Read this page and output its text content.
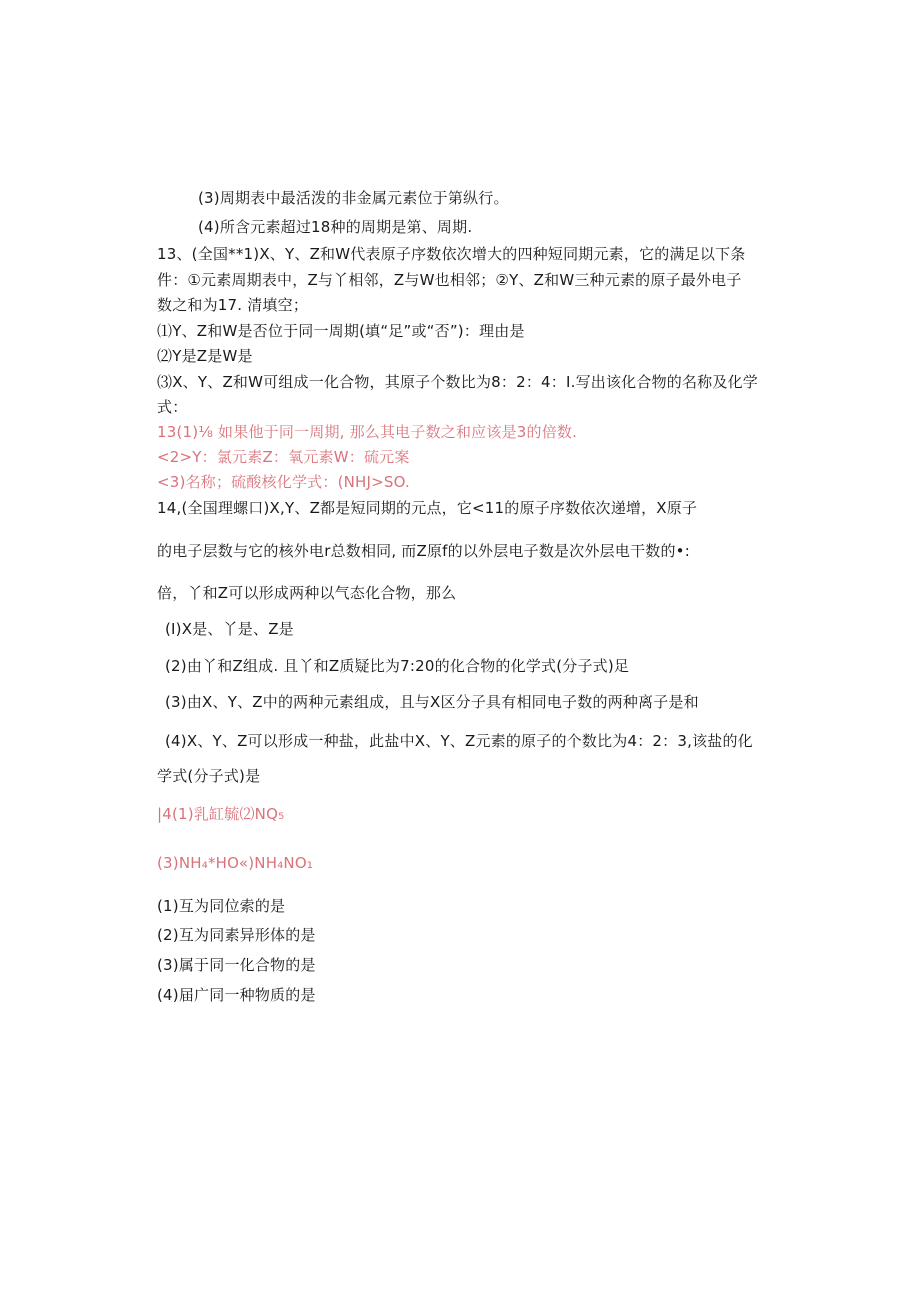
(3)周期表中最活泼的非金属元素位于第纵行。
(4)所含元素超过18种的周期是第、周期.
13、(全国**1)X、Y、Z和W代表原子序数依次增大的四种短同期元素，它的满足以下条
件：①元素周期表中，Z与丫相邻，Z与W也相邻；②Y、Z和W三种元素的原子最外电子
数之和为17. 清填空；
⑴Y、Z和W是否位于同一周期(填“足”或“否”)：理由是
⑵Y是Z是W是
⑶X、Y、Z和W可组成一化合物，其原子个数比为8：2：4：I.写出该化合物的名称及化学
式：
13(1)⅛ 如果他于同一周期, 那么其电子数之和应该是3的倍数.
<2>Y：氯元素Z：氧元素W：硫元案
<3)名称；硫酸核化学式：(NHJ>SO.
14,(全国理螺口)X,Y、Z都是短同期的元点，它<11的原子序数依次递增，X原子
的电子层数与它的核外电r总数相同, 而Z原f的以外层电子数是次外层电干数的•:
倍，丫和Z可以形成两种以气态化合物，那么
(I)X是、丫是、Z是
(2)由丫和Z组成. 且丫和Z质疑比为7:20的化合物的化学式(分子式)足
(3)由X、Y、Z中的两种元素组成，且与X区分子具有相同电子数的两种离子是和
(4)X、Y、Z可以形成一种盐，此盐中X、Y、Z元素的原子的个数比为4：2：3,该盐的化
学式(分子式)是
|4(1)乳缸毓⑵NQ₅
(3)NH₄*HO«)NH₄NO₁
(1)互为同位索的是
(2)互为同素异形体的是
(3)属于同一化合物的是
(4)届广同一种物质的是
